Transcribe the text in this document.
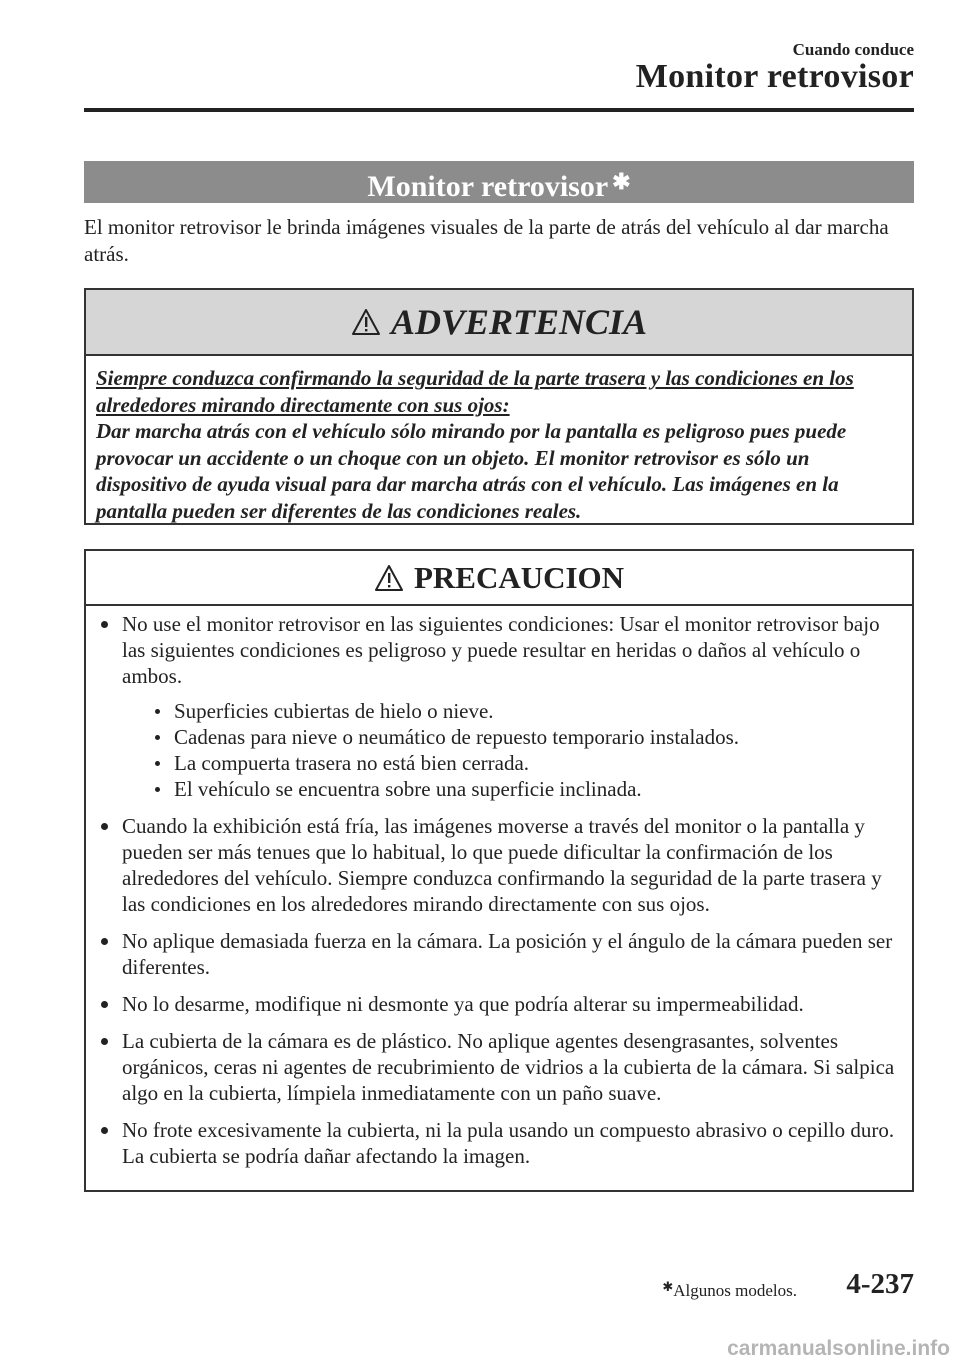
Cuando conduce
Monitor retrovisor
Monitor retrovisor ✱
El monitor retrovisor le brinda imágenes visuales de la parte de atrás del vehículo al dar marcha atrás.
ADVERTENCIA
Siempre conduzca confirmando la seguridad de la parte trasera y las condiciones en los alrededores mirando directamente con sus ojos:
Dar marcha atrás con el vehículo sólo mirando por la pantalla es peligroso pues puede provocar un accidente o un choque con un objeto. El monitor retrovisor es sólo un dispositivo de ayuda visual para dar marcha atrás con el vehículo. Las imágenes en la pantalla pueden ser diferentes de las condiciones reales.
PRECAUCION
No use el monitor retrovisor en las siguientes condiciones: Usar el monitor retrovisor bajo las siguientes condiciones es peligroso y puede resultar en heridas o daños al vehículo o ambos.
Superficies cubiertas de hielo o nieve.
Cadenas para nieve o neumático de repuesto temporario instalados.
La compuerta trasera no está bien cerrada.
El vehículo se encuentra sobre una superficie inclinada.
Cuando la exhibición está fría, las imágenes moverse a través del monitor o la pantalla y pueden ser más tenues que lo habitual, lo que puede dificultar la confirmación de los alrededores del vehículo. Siempre conduzca confirmando la seguridad de la parte trasera y las condiciones en los alrededores mirando directamente con sus ojos.
No aplique demasiada fuerza en la cámara. La posición y el ángulo de la cámara pueden ser diferentes.
No lo desarme, modifique ni desmonte ya que podría alterar su impermeabilidad.
La cubierta de la cámara es de plástico. No aplique agentes desengrasantes, solventes orgánicos, ceras ni agentes de recubrimiento de vidrios a la cubierta de la cámara. Si salpica algo en la cubierta, límpiela inmediatamente con un paño suave.
No frote excesivamente la cubierta, ni la pula usando un compuesto abrasivo o cepillo duro. La cubierta se podría dañar afectando la imagen.
✱Algunos modelos. 4-237
carmanualsonline.info
